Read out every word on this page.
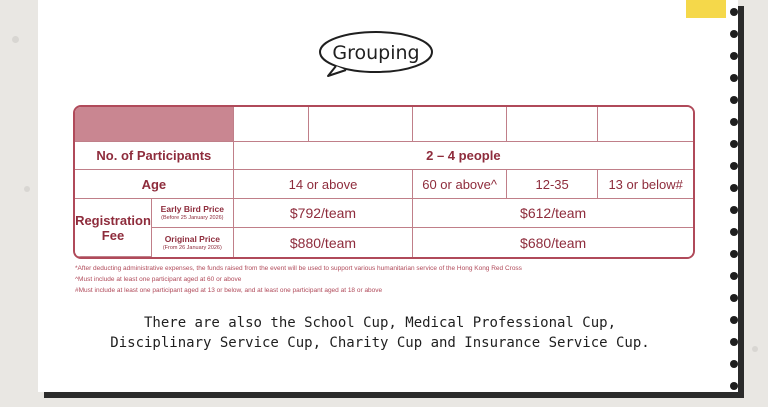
Grouping
		Red Cup	Corporate Cup	Senior Cup	Greater Bay Area Youth Cup	Family Cup
No. of Participants		2 – 4 people				
Age		14 or above		60 or above^	12-35	13 or below#
Registration Fee	Early Bird Price
(Before 25 January 2026)	$792/team		$612/team		
	Original Price
(From 26 January 2026)	$880/team		$680/team		
*After deducting administrative expenses, the funds raised from the event will be used to support various humanitarian service of the Hong Kong Red Cross
^Must include at least one participant aged at 60 or above
#Must include at least one participant aged at 13 or below, and at least one participant aged at 18 or above
There are also the School Cup, Medical Professional Cup,
Disciplinary Service Cup, Charity Cup and Insurance Service Cup.
